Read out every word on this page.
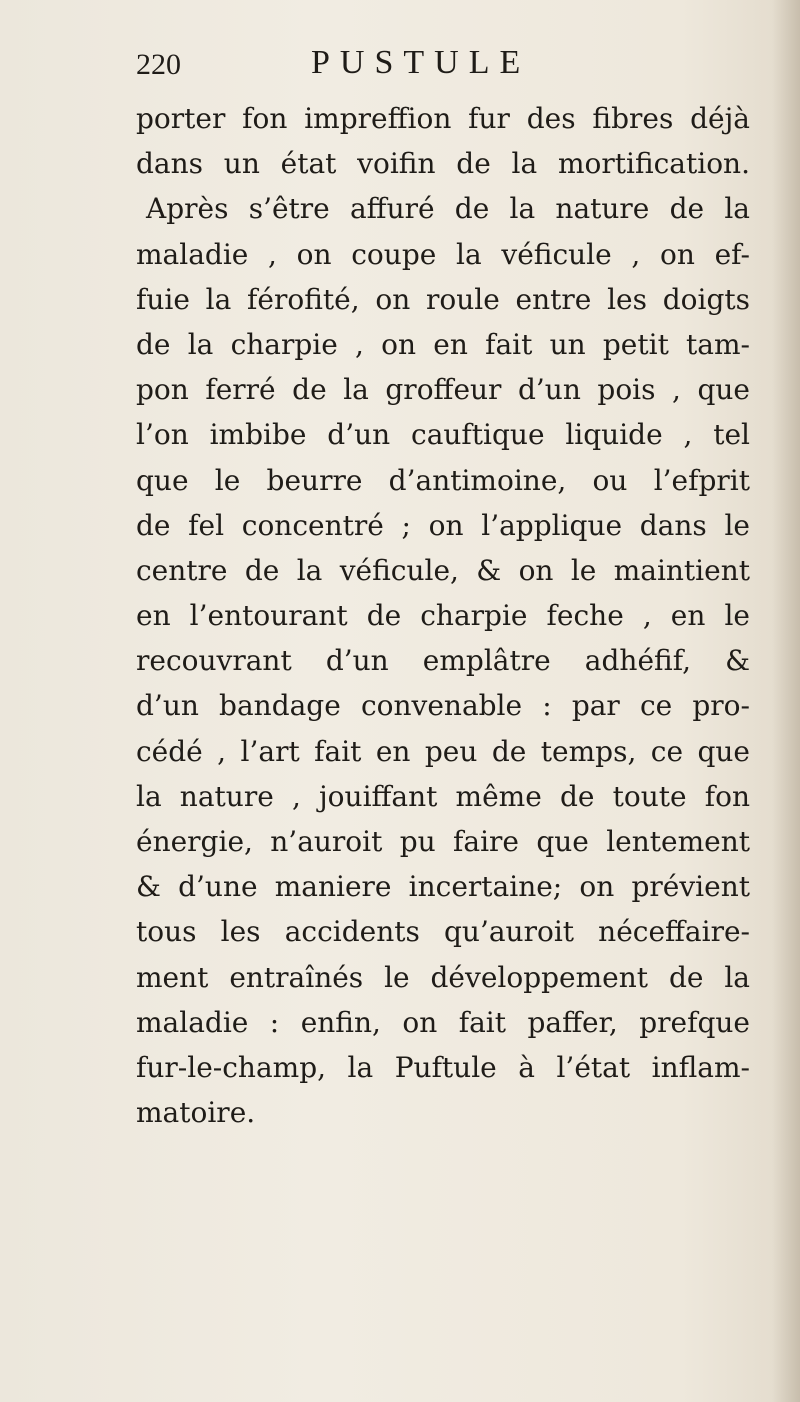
220	PUSTULE
porter fon impreffion fur des fibres déjà
dans un état voifin de la mortification.
Après s’être affuré de la nature de la
maladie , on coupe la véficule , on ef-
fuie la férofité, on roule entre les doigts
de la charpie , on en fait un petit tam-
pon ferré de la groffeur d’un pois , que
l’on imbibe d’un cauftique liquide , tel
que le beurre d’antimoine, ou l’efprit
de fel concentré ; on l’applique dans le
centre de la véficule, & on le maintient
en l’entourant de charpie feche , en le
recouvrant d’un emplâtre adhéfif, &
d’un bandage convenable : par ce pro-
cédé , l’art fait en peu de temps, ce que
la nature , jouiffant même de toute fon
énergie, n’auroit pu faire que lentement
& d’une maniere incertaine; on prévient
tous les accidents qu’auroit néceffaire-
ment entraînés le développement de la
maladie : enfin, on fait paffer, prefque
fur-le-champ, la Puftule à l’état inflam-
matoire.
